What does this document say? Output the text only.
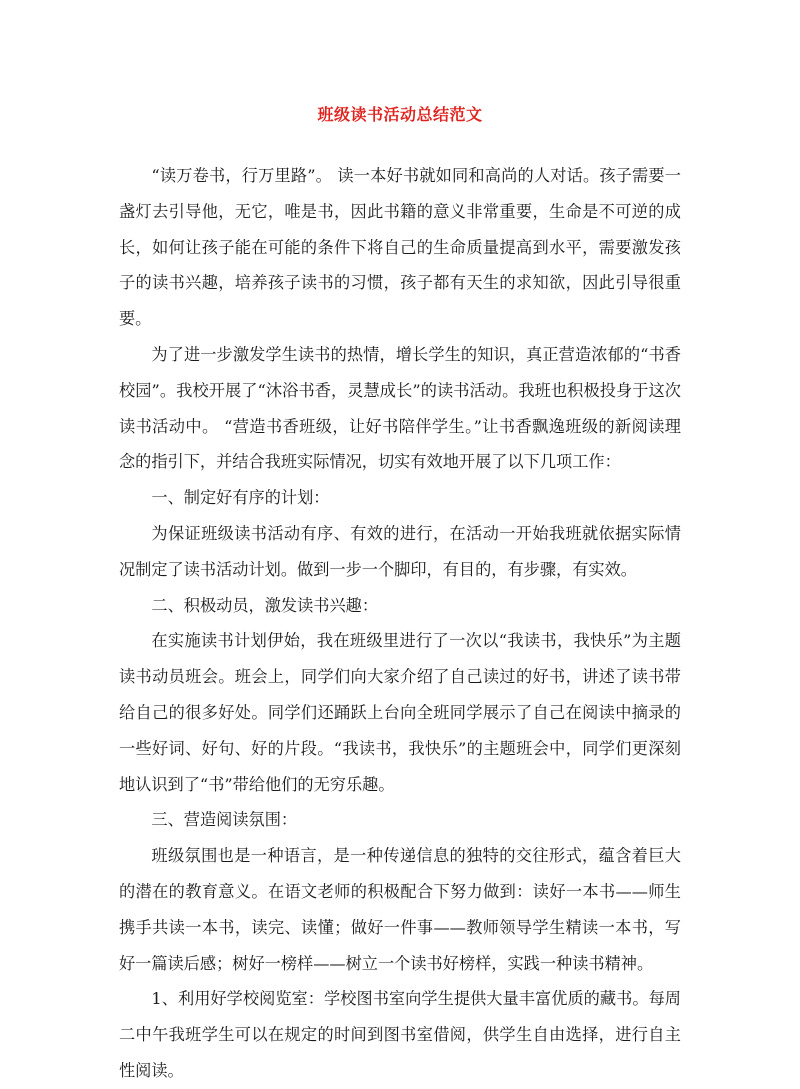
班级读书活动总结范文

“读万卷书，行万里路”。 读一本好书就如同和高尚的人对话。孩子需要一盏灯去引导他，无它，唯是书，因此书籍的意义非常重要，生命是不可逆的成长，如何让孩子能在可能的条件下将自己的生命质量提高到水平，需要激发孩子的读书兴趣，培养孩子读书的习惯，孩子都有天生的求知欲，因此引导很重要。

为了进一步激发学生读书的热情，增长学生的知识，真正营造浓郁的“书香校园”。我校开展了“沐浴书香，灵慧成长”的读书活动。我班也积极投身于这次读书活动中。 “营造书香班级，让好书陪伴学生。”让书香飘逸班级的新阅读理念的指引下，并结合我班实际情况，切实有效地开展了以下几项工作：

一、制定好有序的计划：

为保证班级读书活动有序、有效的进行，在活动一开始我班就依据实际情况制定了读书活动计划。做到一步一个脚印，有目的，有步骤，有实效。

二、积极动员，激发读书兴趣：

在实施读书计划伊始，我在班级里进行了一次以“我读书，我快乐”为主题读书动员班会。班会上，同学们向大家介绍了自己读过的好书，讲述了读书带给自己的很多好处。同学们还踊跃上台向全班同学展示了自己在阅读中摘录的一些好词、好句、好的片段。“我读书，我快乐”的主题班会中，同学们更深刻地认识到了“书”带给他们的无穷乐趣。

三、营造阅读氛围：

班级氛围也是一种语言，是一种传递信息的独特的交往形式，蕴含着巨大的潜在的教育意义。在语文老师的积极配合下努力做到：读好一本书——师生携手共读一本书，读完、读懂；做好一件事——教师领导学生精读一本书，写好一篇读后感；树好一榜样——树立一个读书好榜样，实践一种读书精神。

1、利用好学校阅览室：学校图书室向学生提供大量丰富优质的藏书。每周二中午我班学生可以在规定的时间到图书室借阅，供学生自由选择，进行自主性阅读。
